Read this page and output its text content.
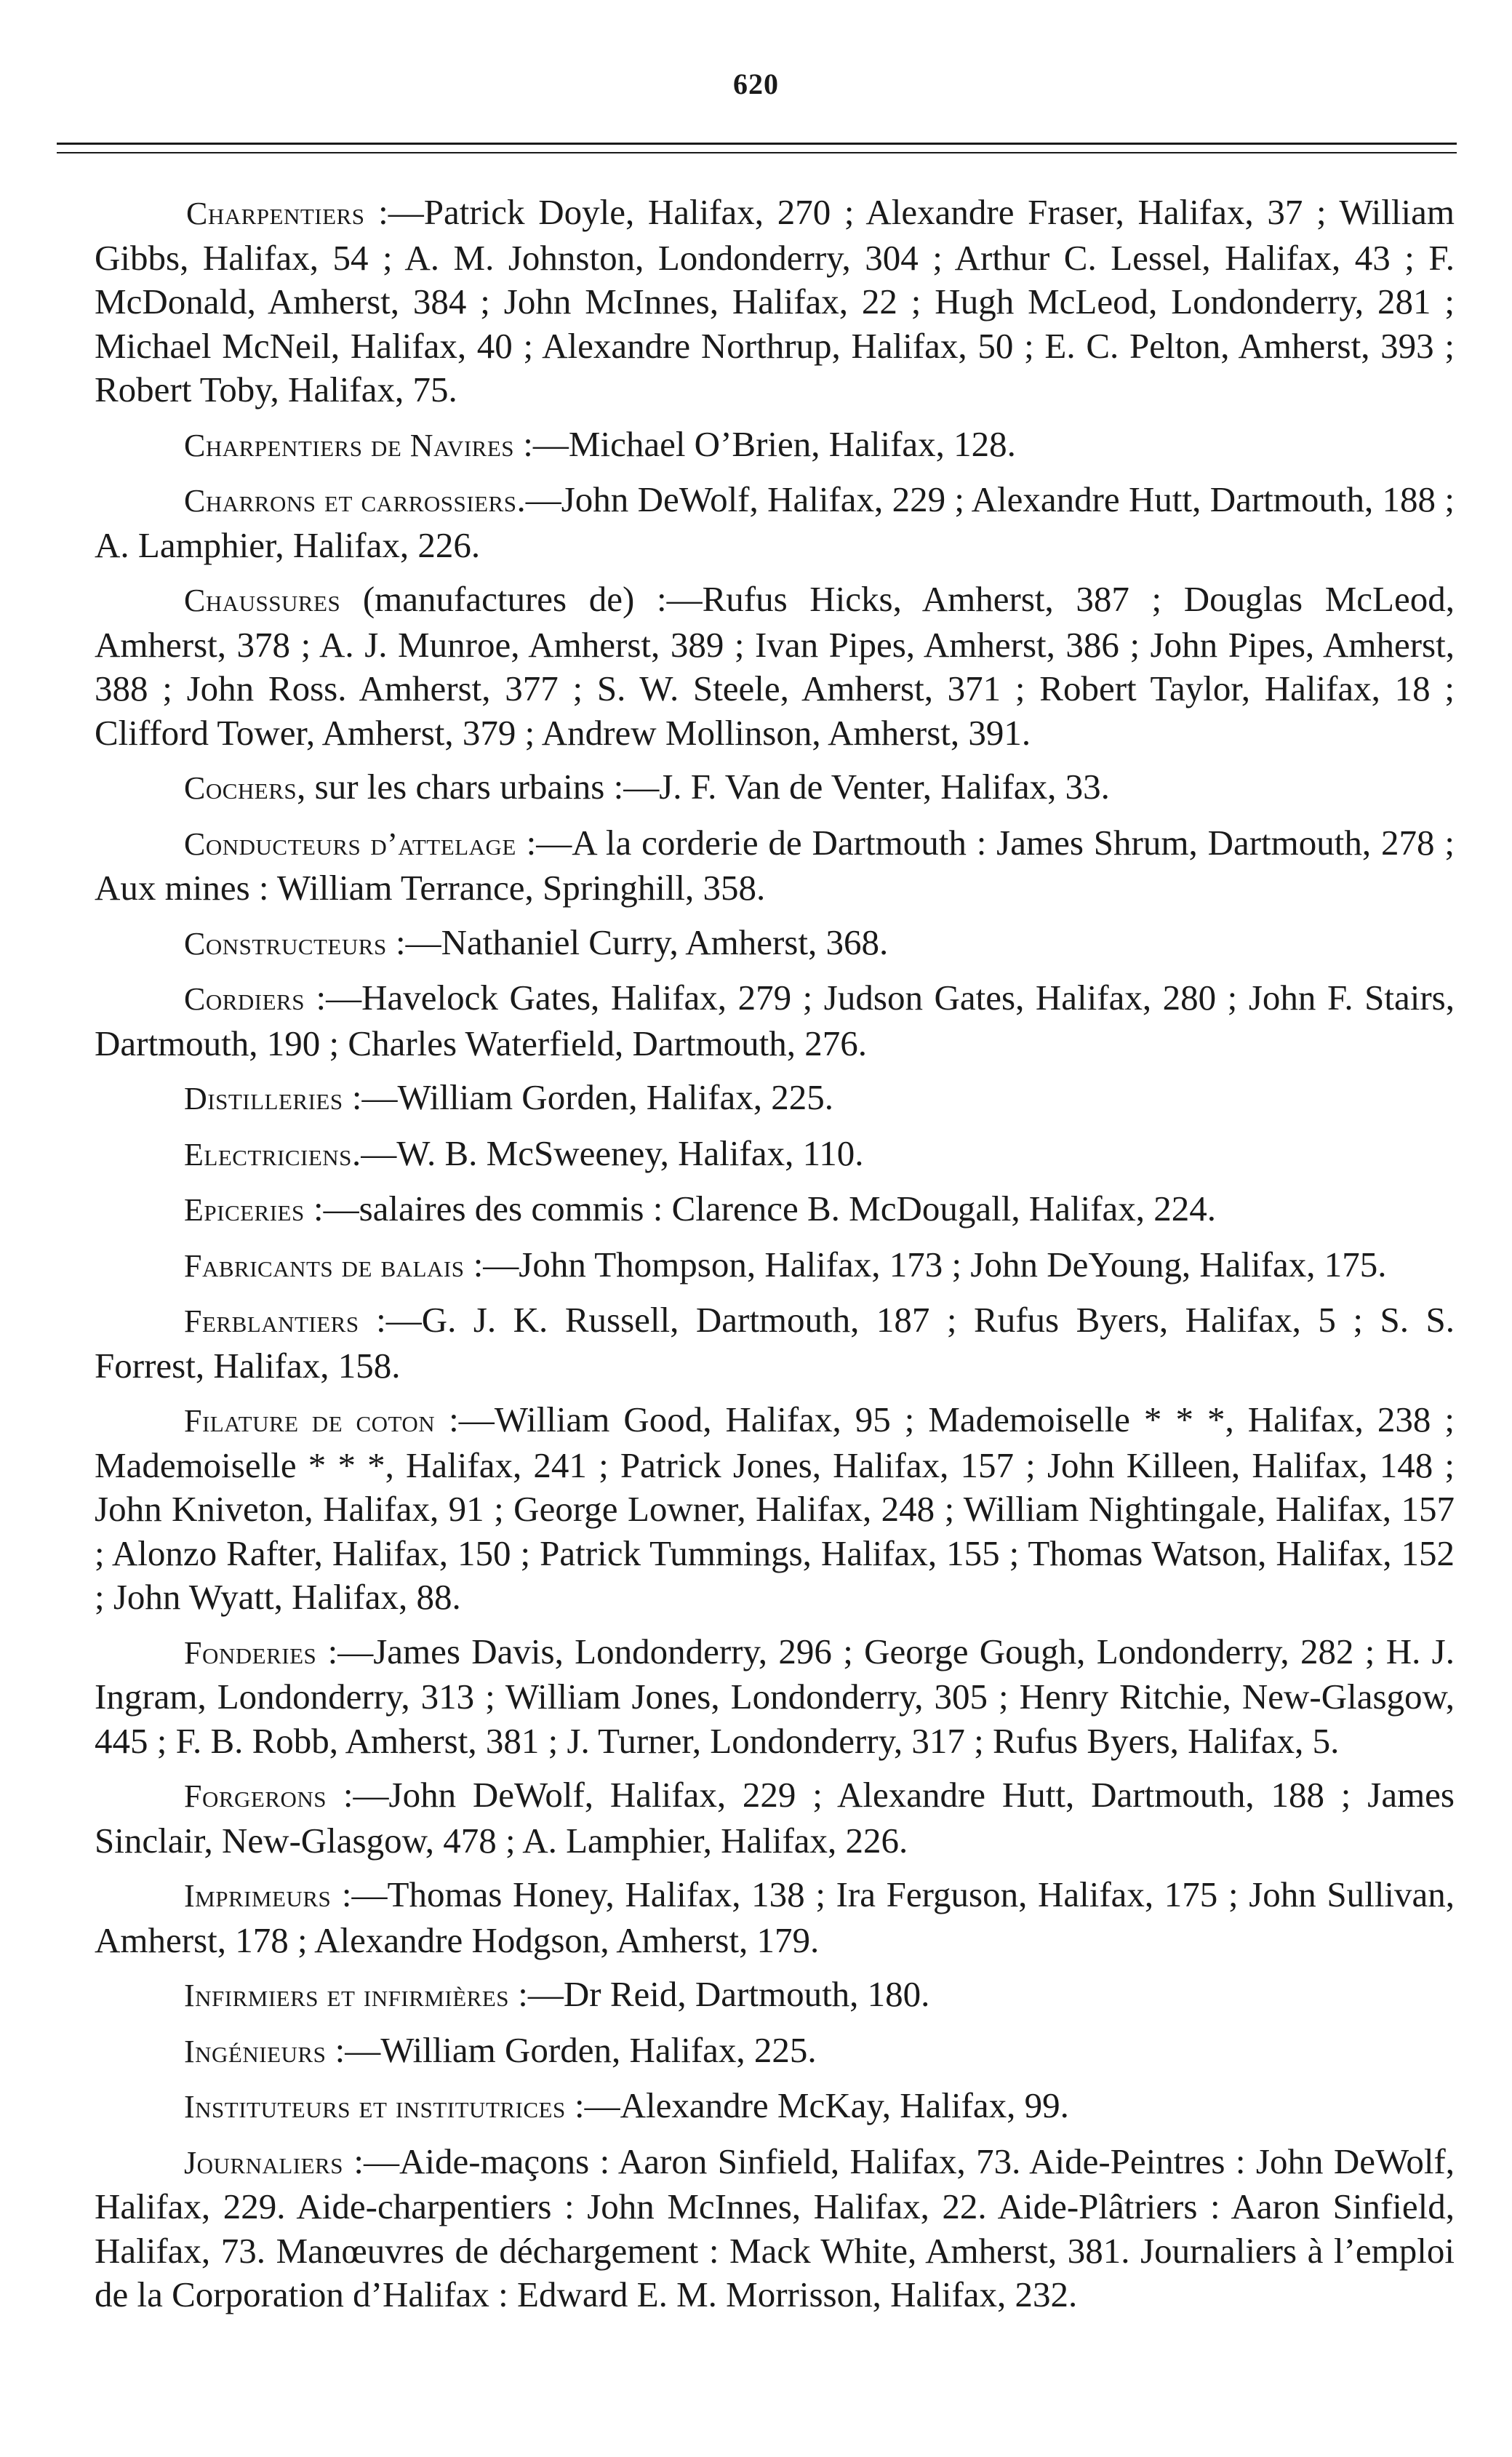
620

Charpentiers :—Patrick Doyle, Halifax, 270 ; Alexandre Fraser, Halifax, 37 ; William Gibbs, Halifax, 54 ; A. M. Johnston, Londonderry, 304 ; Arthur C. Lessel, Halifax, 43 ; F. McDonald, Amherst, 384 ; John McInnes, Halifax, 22 ; Hugh McLeod, Londonderry, 281 ; Michael McNeil, Halifax, 40 ; Alexandre Northrup, Halifax, 50 ; E. C. Pelton, Amherst, 393 ; Robert Toby, Halifax, 75.

Charpentiers de Navires :—Michael O’Brien, Halifax, 128.

Charrons et carrossiers.—John DeWolf, Halifax, 229 ; Alexandre Hutt, Dartmouth, 188 ; A. Lamphier, Halifax, 226.

Chaussures (manufactures de) :—Rufus Hicks, Amherst, 387 ; Douglas McLeod, Amherst, 378 ; A. J. Munroe, Amherst, 389 ; Ivan Pipes, Amherst, 386 ; John Pipes, Amherst, 388 ; John Ross. Amherst, 377 ; S. W. Steele, Amherst, 371 ; Robert Taylor, Halifax, 18 ; Clifford Tower, Amherst, 379 ; Andrew Mollinson, Amherst, 391.

Cochers, sur les chars urbains :—J. F. Van de Venter, Halifax, 33.

Conducteurs d’attelage :—A la corderie de Dartmouth : James Shrum, Dartmouth, 278 ; Aux mines : William Terrance, Springhill, 358.

Constructeurs :—Nathaniel Curry, Amherst, 368.

Cordiers :—Havelock Gates, Halifax, 279 ; Judson Gates, Halifax, 280 ; John F. Stairs, Dartmouth, 190 ; Charles Waterfield, Dartmouth, 276.

Distilleries :—William Gorden, Halifax, 225.

Electriciens.—W. B. McSweeney, Halifax, 110.

Epiceries :—salaires des commis : Clarence B. McDougall, Halifax, 224.

Fabricants de balais :—John Thompson, Halifax, 173 ; John DeYoung, Halifax, 175.

Ferblantiers :—G. J. K. Russell, Dartmouth, 187 ; Rufus Byers, Halifax, 5 ; S. S. Forrest, Halifax, 158.

Filature de coton :—William Good, Halifax, 95 ; Mademoiselle * * *, Halifax, 238 ; Mademoiselle * * *, Halifax, 241 ; Patrick Jones, Halifax, 157 ; John Killeen, Halifax, 148 ; John Kniveton, Halifax, 91 ; George Lowner, Halifax, 248 ; William Nightingale, Halifax, 157 ; Alonzo Rafter, Halifax, 150 ; Patrick Tummings, Halifax, 155 ; Thomas Watson, Halifax, 152 ; John Wyatt, Halifax, 88.

Fonderies :—James Davis, Londonderry, 296 ; George Gough, Londonderry, 282 ; H. J. Ingram, Londonderry, 313 ; William Jones, Londonderry, 305 ; Henry Ritchie, New-Glasgow, 445 ; F. B. Robb, Amherst, 381 ; J. Turner, Londonderry, 317 ; Rufus Byers, Halifax, 5.

Forgerons :—John DeWolf, Halifax, 229 ; Alexandre Hutt, Dartmouth, 188 ; James Sinclair, New-Glasgow, 478 ; A. Lamphier, Halifax, 226.

Imprimeurs :—Thomas Honey, Halifax, 138 ; Ira Ferguson, Halifax, 175 ; John Sullivan, Amherst, 178 ; Alexandre Hodgson, Amherst, 179.

Infirmiers et infirmières :—Dr Reid, Dartmouth, 180.

Ingénieurs :—William Gorden, Halifax, 225.

Instituteurs et institutrices :—Alexandre McKay, Halifax, 99.

Journaliers :—Aide-maçons : Aaron Sinfield, Halifax, 73. Aide-Peintres : John DeWolf, Halifax, 229. Aide-charpentiers : John McInnes, Halifax, 22. Aide-Plâtriers : Aaron Sinfield, Halifax, 73. Manœuvres de déchargement : Mack White, Amherst, 381. Journaliers à l’emploi de la Corporation d’Halifax : Edward E. M. Morrisson, Halifax, 232.
